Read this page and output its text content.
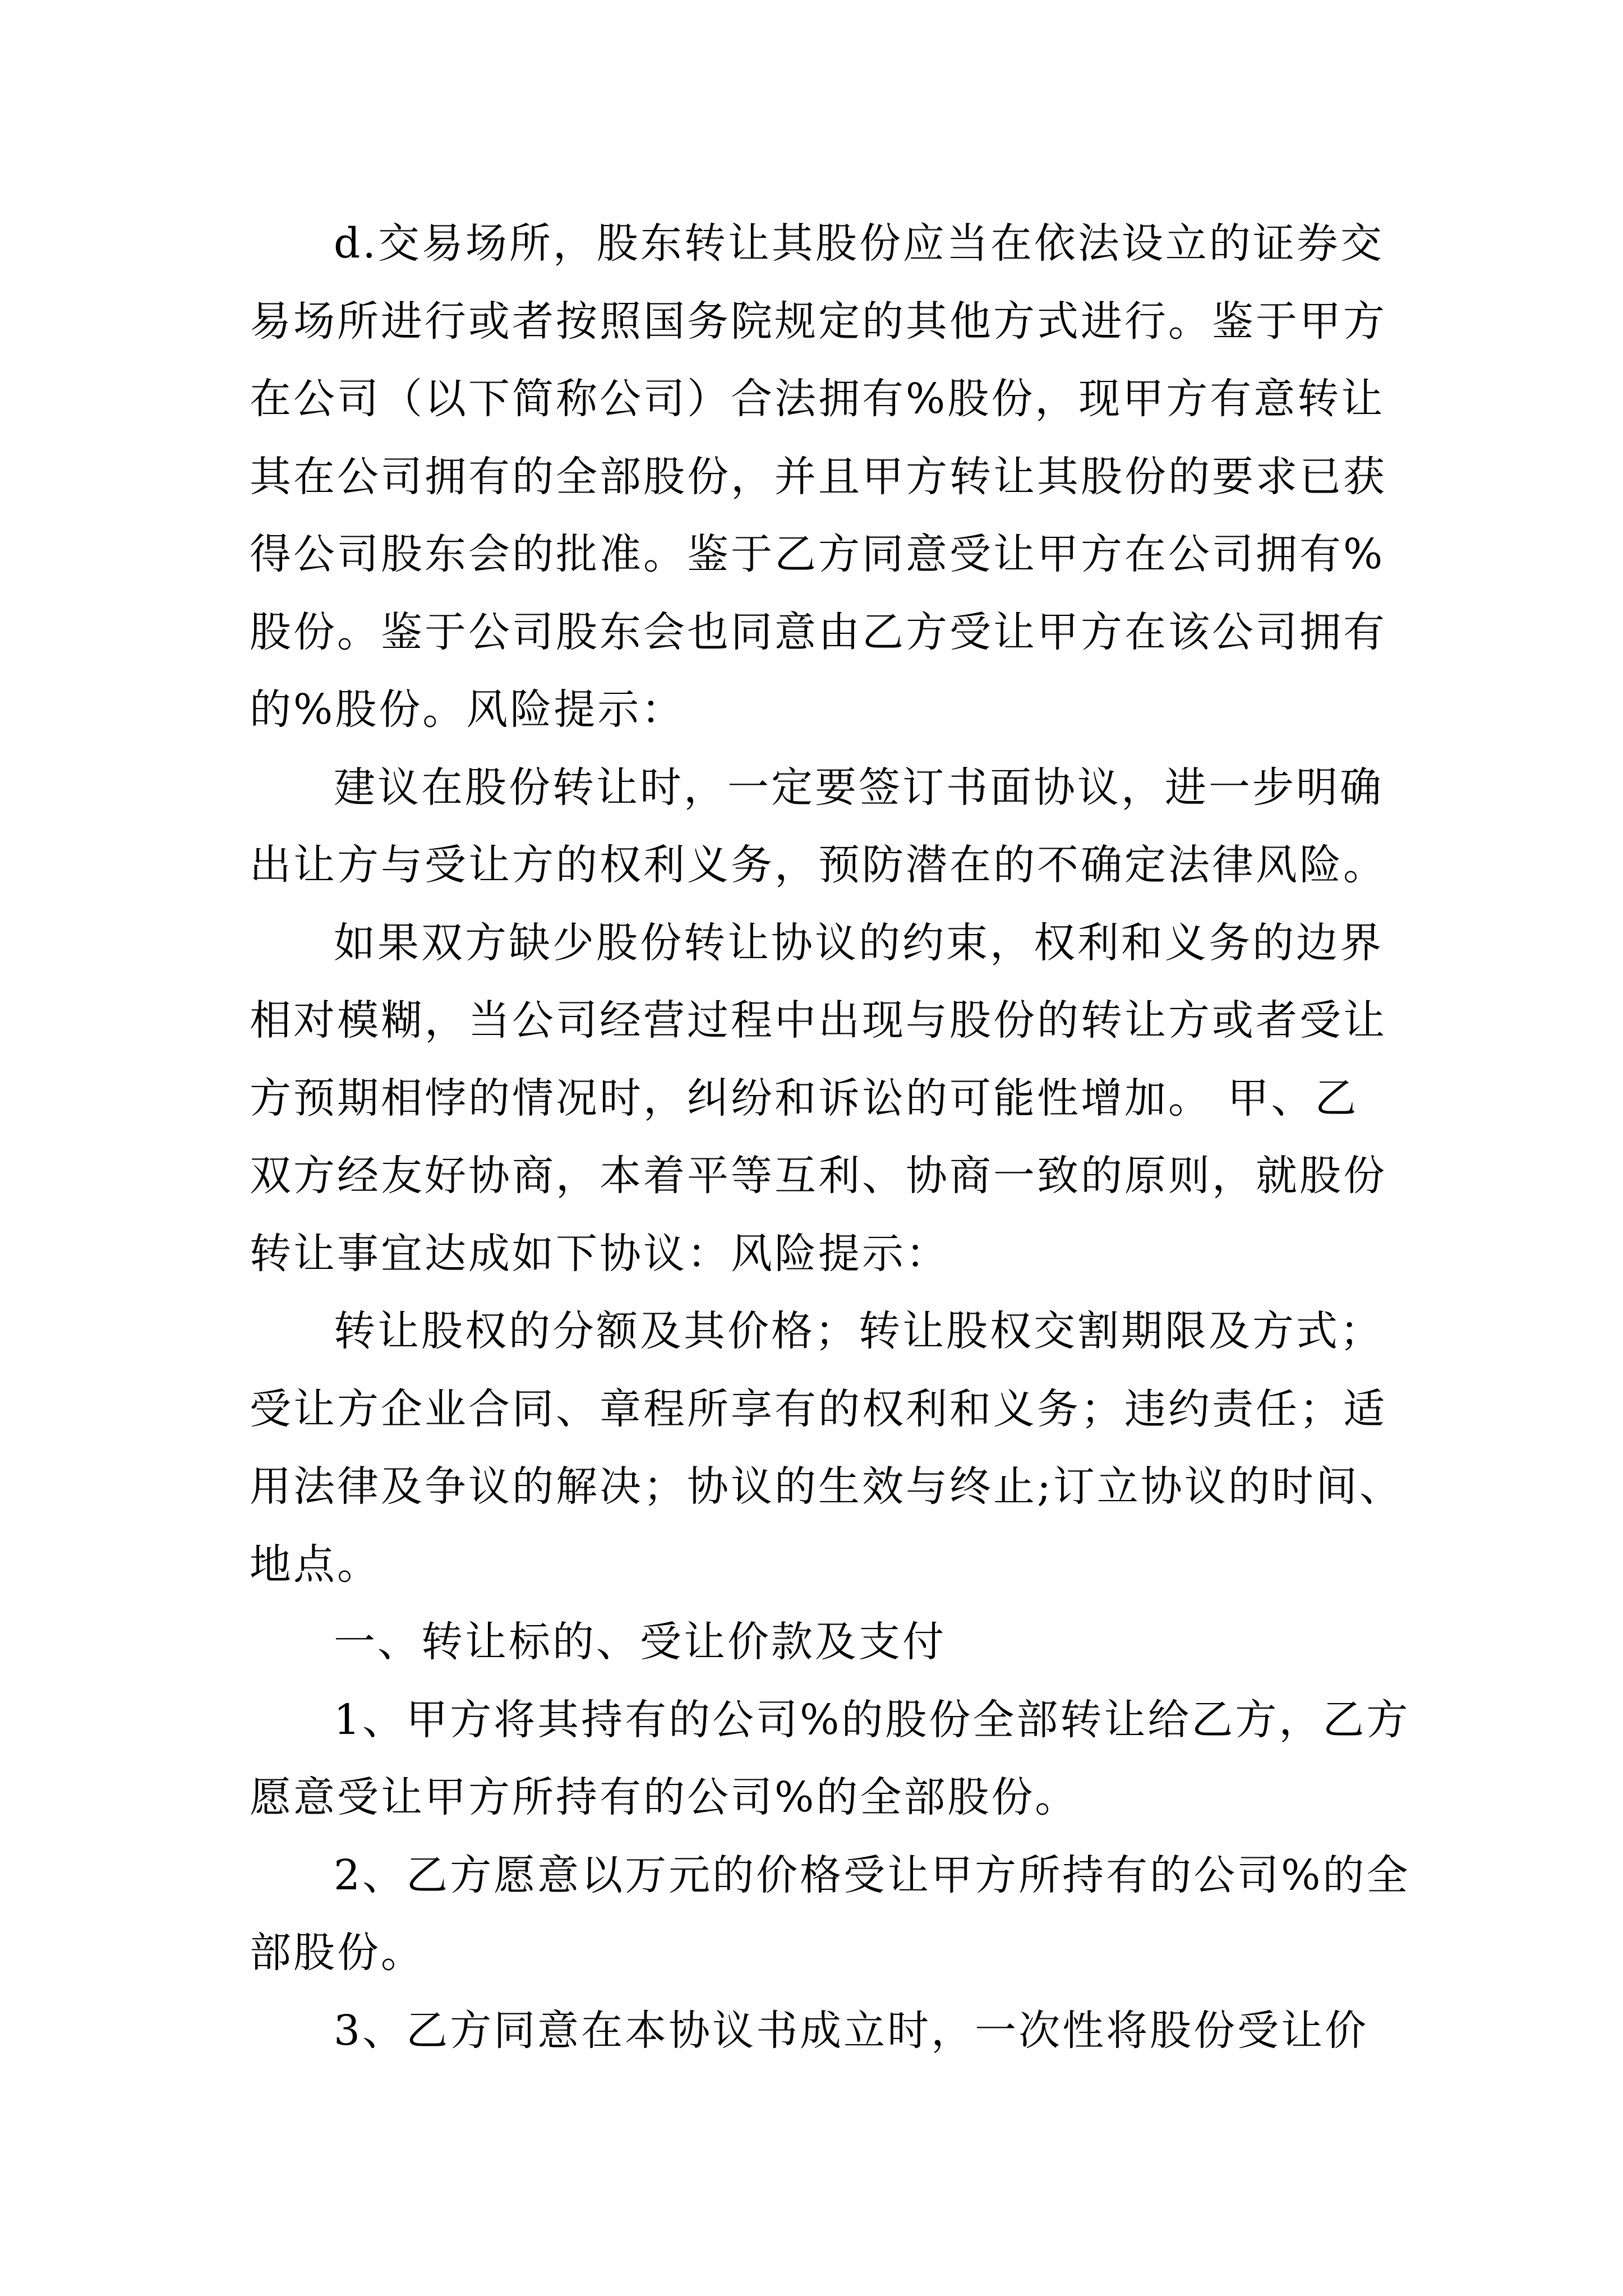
d.交易场所，股东转让其股份应当在依法设立的证券交
易场所进行或者按照国务院规定的其他方式进行。鉴于甲方
在公司（以下简称公司）合法拥有%股份，现甲方有意转让
其在公司拥有的全部股份，并且甲方转让其股份的要求已获
得公司股东会的批准。鉴于乙方同意受让甲方在公司拥有%
股份。鉴于公司股东会也同意由乙方受让甲方在该公司拥有
的%股份。风险提示：
建议在股份转让时，一定要签订书面协议，进一步明确
出让方与受让方的权利义务，预防潜在的不确定法律风险。
如果双方缺少股份转让协议的约束，权利和义务的边界
相对模糊，当公司经营过程中出现与股份的转让方或者受让
方预期相悖的情况时，纠纷和诉讼的可能性增加。 甲、乙
双方经友好协商，本着平等互利、协商一致的原则，就股份
转让事宜达成如下协议：风险提示：
转让股权的分额及其价格；转让股权交割期限及方式；
受让方企业合同、章程所享有的权利和义务；违约责任；适
用法律及争议的解决；协议的生效与终止;订立协议的时间、
地点。
一、转让标的、受让价款及支付
1、甲方将其持有的公司%的股份全部转让给乙方，乙方
愿意受让甲方所持有的公司%的全部股份。
2、乙方愿意以万元的价格受让甲方所持有的公司%的全
部股份。
3、乙方同意在本协议书成立时，一次性将股份受让价
